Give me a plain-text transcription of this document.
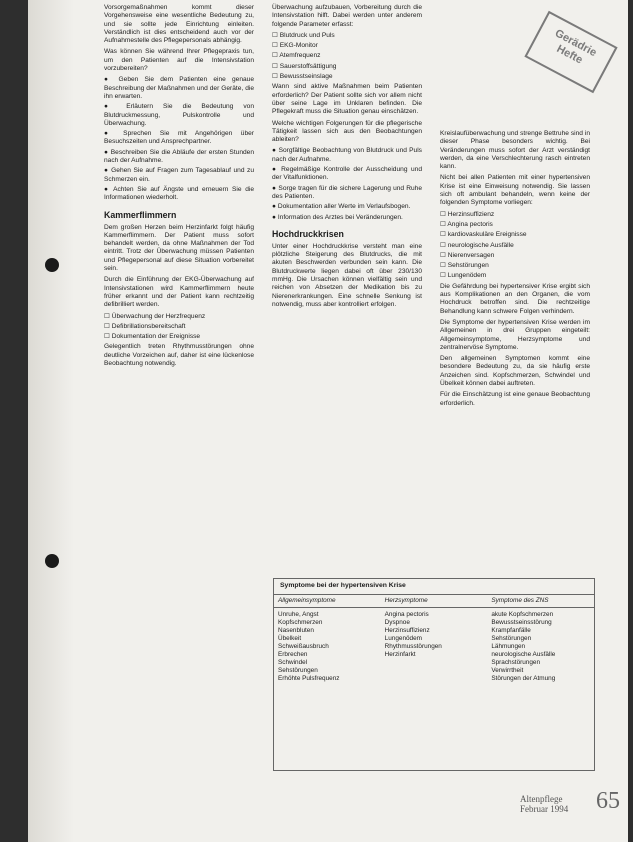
Gerädrie Hefte

Vorsorgemaßnahmen kommt dieser Vorgehensweise eine wesentliche Bedeutung zu, und sie sollte jede Einrichtung einleiten. Verständlich ist dies entscheidend auch vor der Aufnahmestelle des Pflegepersonals abhängig.

Was können Sie während Ihrer Pflegepraxis tun, um den Patienten auf die Intensivstation vorzubereiten?

● Geben Sie dem Patienten eine genaue Beschreibung der Maßnahmen und der Geräte, die ihn erwarten.
● Erläutern Sie die Bedeutung von Blutdruckmessung, Pulskontrolle und Überwachung.
● Sprechen Sie mit Angehörigen über Besuchszeiten und Ansprechpartner.
● Beschreiben Sie die Abläufe der ersten Stunden nach der Aufnahme.
● Gehen Sie auf Fragen zum Tagesablauf und zu Schmerzen ein.
● Achten Sie auf Ängste und erneuern Sie die Informationen wiederholt.
Kammerflimmern

Dem großen Herzen beim Herzinfarkt folgt häufig Kammerflimmern. Der Patient muss sofort behandelt werden, da ohne Maßnahmen der Tod eintritt. Trotz der Überwachung müssen Patienten und Pflegepersonal auf diese Situation vorbereitet sein.

Durch die Einführung der EKG-Überwachung auf Intensivstationen wird Kammerflimmern heute früher erkannt und der Patient kann rechtzeitig defibrilliert werden.

☐ Überwachung der Herzfrequenz
☐ Defibrillationsbereitschaft
☐ Dokumentation der Ereignisse

Gelegentlich treten Rhythmusstörungen ohne deutliche Vorzeichen auf, daher ist eine lückenlose Beobachtung notwendig.

Überwachung aufzubauen, Vorbereitung durch die Intensivstation hilft. Dabei werden unter anderem folgende Parameter erfasst:

☐ Blutdruck und Puls
☐ EKG-Monitor
☐ Atemfrequenz
☐ Sauerstoffsättigung
☐ Bewusstseinslage

Wann sind aktive Maßnahmen beim Patienten erforderlich? Der Patient sollte sich vor allem nicht über seine Lage im Unklaren befinden. Die Pflegekraft muss die Situation genau einschätzen.

Welche wichtigen Folgerungen für die pflegerische Tätigkeit lassen sich aus den Beobachtungen ableiten?

● Sorgfältige Beobachtung von Blutdruck und Puls nach der Aufnahme.
● Regelmäßige Kontrolle der Ausscheidung und der Vitalfunktionen.
● Sorge tragen für die sichere Lagerung und Ruhe des Patienten.
● Dokumentation aller Werte im Verlaufsbogen.
● Information des Arztes bei Veränderungen.
Hochdruckkrisen

Unter einer Hochdruckkrise versteht man eine plötzliche Steigerung des Blutdrucks, die mit akuten Beschwerden verbunden sein kann. Die Blutdruckwerte liegen dabei oft über 230/130 mmHg. Die Ursachen können vielfältig sein und reichen von Absetzen der Medikation bis zu Nierenerkrankungen. Eine schnelle Senkung ist notwendig, muss aber kontrolliert erfolgen.

Kreislaufüberwachung und strenge Bettruhe sind in dieser Phase besonders wichtig. Bei Veränderungen muss sofort der Arzt verständigt werden, da eine Verschlechterung rasch eintreten kann.

Nicht bei allen Patienten mit einer hypertensiven Krise ist eine Einweisung notwendig. Sie lassen sich oft ambulant behandeln, wenn keine der folgenden Symptome vorliegen:

☐ Herzinsuffizienz
☐ Angina pectoris
☐ kardiovaskuläre Ereignisse
☐ neurologische Ausfälle
☐ Nierenversagen
☐ Sehstörungen
☐ Lungenödem

Die Gefährdung bei hypertensiver Krise ergibt sich aus Komplikationen an den Organen, die vom Hochdruck betroffen sind. Die rechtzeitige Behandlung kann schwere Folgen verhindern.

Die Symptome der hypertensiven Krise werden im Allgemeinen in drei Gruppen eingeteilt: Allgemeinsymptome, Herzsymptome und zentralnervöse Symptome.

Den allgemeinen Symptomen kommt eine besondere Bedeutung zu, da sie häufig erste Anzeichen sind. Kopfschmerzen, Schwindel und Übelkeit können dabei auftreten.

Für die Einschätzung ist eine genaue Beobachtung erforderlich.

Symptome bei der hypertensiven Krise
Allgemeinsymptome	Herzsymptome	Symptome des ZNS
Unruhe, Angst
Kopfschmerzen
Nasenbluten
Übelkeit
Schweißausbruch
Erbrechen
Schwindel
Sehstörungen
Erhöhte Pulsfrequenz
Angina pectoris
Dyspnoe
Herzinsuffizienz
Lungenödem
Rhythmusstörungen
Herzinfarkt
akute Kopfschmerzen
Bewusstseinsstörung
Krampfanfälle
Sehstörungen
Lähmungen
neurologische Ausfälle
Sprachstörungen
Verwirrtheit
Störungen der Atmung
Altenpflege
Februar 1994 65
